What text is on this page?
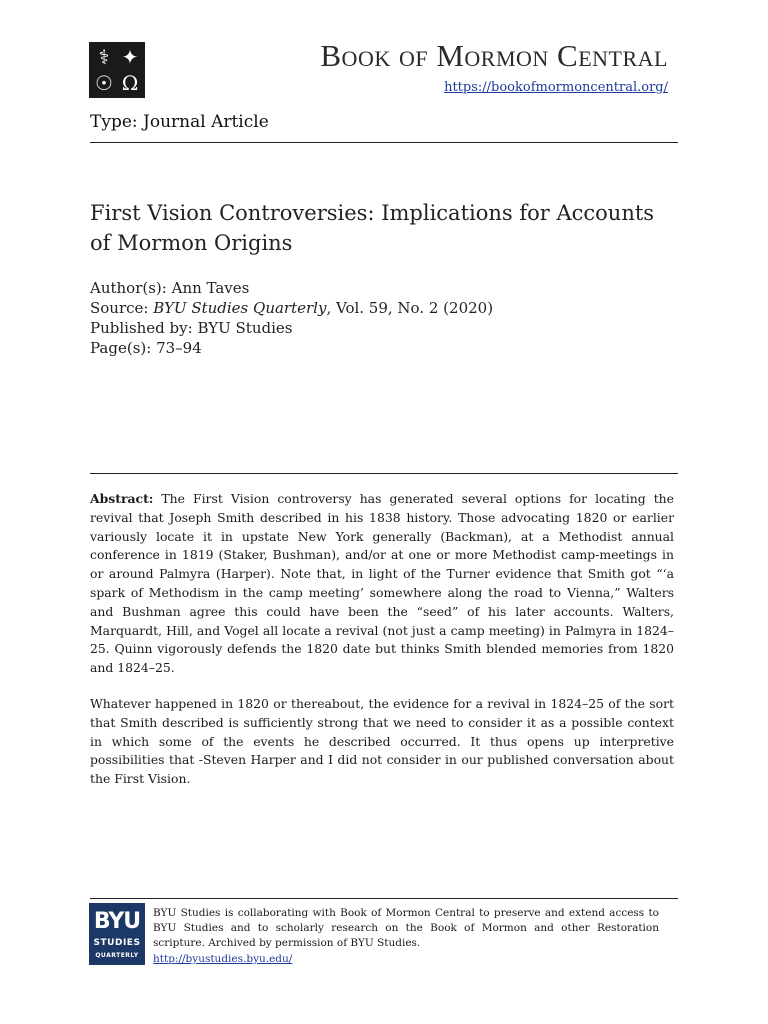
⚕ ✦
☉ Ω
Book of Mormon Central
https://bookofmormoncentral.org/
Type: Journal Article
First Vision Controversies: Implications for Accounts of Mormon Origins
Author(s): Ann Taves
Source: BYU Studies Quarterly, Vol. 59, No. 2 (2020)
Published by: BYU Studies
Page(s): 73–94

Abstract: The First Vision controversy has generated several options for locating the revival that Joseph Smith described in his 1838 history. Those advocating 1820 or earlier variously locate it in upstate New York generally (Backman), at a Methodist annual conference in 1819 (Staker, Bushman), and/or at one or more Methodist camp-meetings in or around Palmyra (Harper). Note that, in light of the Turner evidence that Smith got “‘a spark of Methodism in the camp meeting’ somewhere along the road to Vienna,” Walters and Bushman agree this could have been the “seed” of his later accounts. Walters, Marquardt, Hill, and Vogel all locate a revival (not just a camp meeting) in Palmyra in 1824–25. Quinn vigorously defends the 1820 date but thinks Smith blended memories from 1820 and 1824–25.

Whatever happened in 1820 or thereabout, the evidence for a revival in 1824–25 of the sort that Smith described is sufficiently strong that we need to consider it as a possible context in which some of the events he described occurred. It thus opens up interpretive possibilities that -Steven Harper and I did not consider in our published conversation about the First Vision.

BYU
STUDIES
QUARTERLY

BYU Studies is collaborating with Book of Mormon Central to preserve and extend access to BYU Studies and to scholarly research on the Book of Mormon and other Restoration scripture. Archived by permission of BYU Studies.

http://byustudies.byu.edu/
